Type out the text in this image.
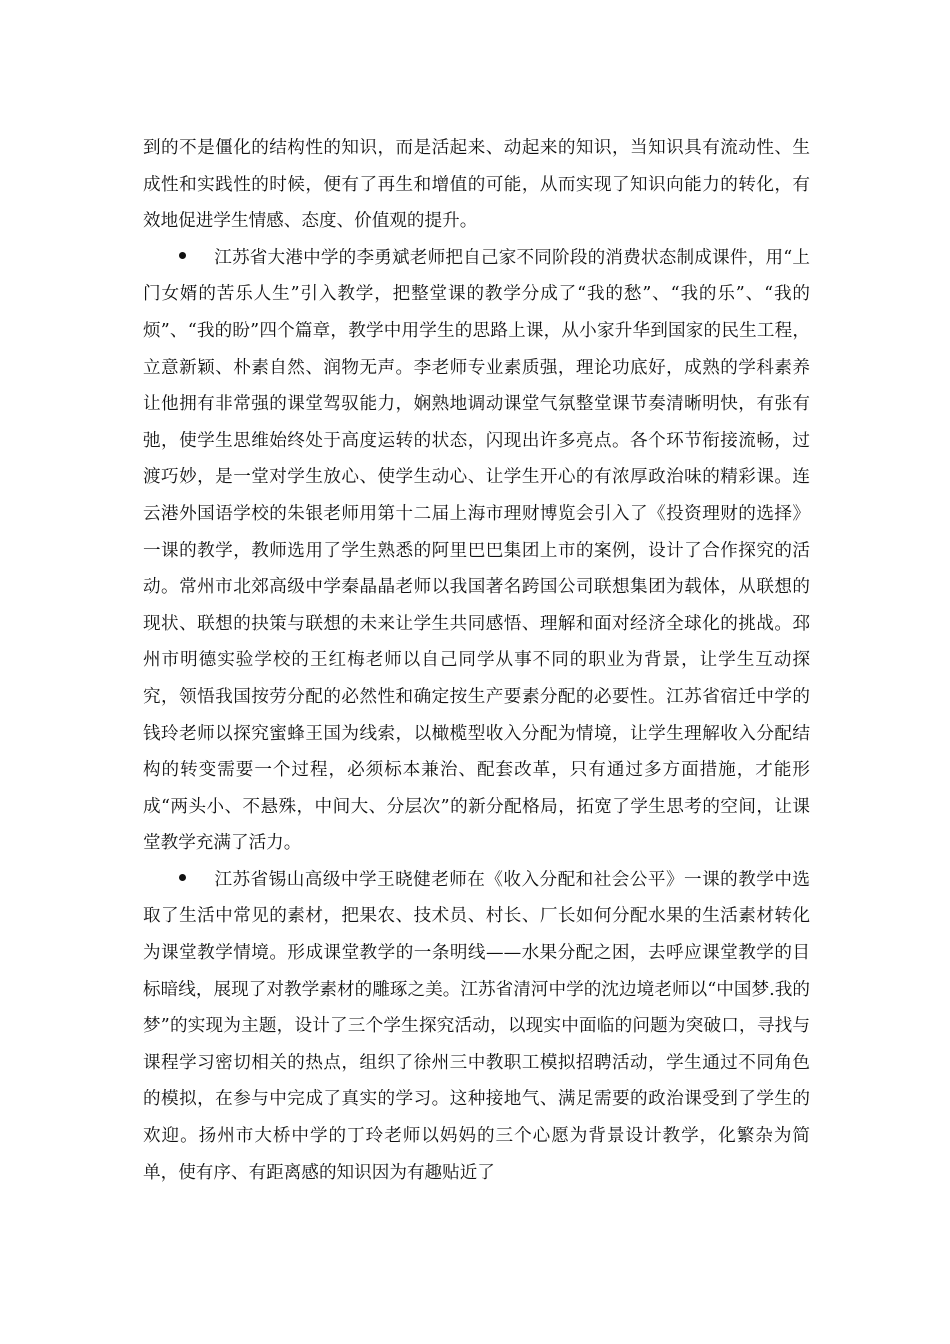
到的不是僵化的结构性的知识，而是活起来、动起来的知识，当知识具有流动性、生成性和实践性的时候，便有了再生和增值的可能，从而实现了知识向能力的转化，有效地促进学生情感、态度、价值观的提升。

江苏省大港中学的李勇斌老师把自己家不同阶段的消费状态制成课件，用“上门女婿的苦乐人生”引入教学，把整堂课的教学分成了“我的愁”、“我的乐”、“我的烦”、“我的盼”四个篇章，教学中用学生的思路上课，从小家升华到国家的民生工程，立意新颖、朴素自然、润物无声。李老师专业素质强，理论功底好，成熟的学科素养让他拥有非常强的课堂驾驭能力，娴熟地调动课堂气氛整堂课节奏清晰明快，有张有弛，使学生思维始终处于高度运转的状态，闪现出许多亮点。各个环节衔接流畅，过渡巧妙，是一堂对学生放心、使学生动心、让学生开心的有浓厚政治味的精彩课。连云港外国语学校的朱银老师用第十二届上海市理财博览会引入了《投资理财的选择》一课的教学，教师选用了学生熟悉的阿里巴巴集团上市的案例，设计了合作探究的活动。常州市北郊高级中学秦晶晶老师以我国著名跨国公司联想集团为载体，从联想的现状、联想的抉策与联想的未来让学生共同感悟、理解和面对经济全球化的挑战。邳州市明德实验学校的王红梅老师以自己同学从事不同的职业为背景，让学生互动探究，领悟我国按劳分配的必然性和确定按生产要素分配的必要性。江苏省宿迁中学的钱玲老师以探究蜜蜂王国为线索，以橄榄型收入分配为情境，让学生理解收入分配结构的转变需要一个过程，必须标本兼治、配套改革，只有通过多方面措施，才能形成“两头小、不悬殊，中间大、分层次”的新分配格局，拓宽了学生思考的空间，让课堂教学充满了活力。

江苏省锡山高级中学王晓健老师在《收入分配和社会公平》一课的教学中选取了生活中常见的素材，把果农、技术员、村长、厂长如何分配水果的生活素材转化为课堂教学情境。形成课堂教学的一条明线——水果分配之困，去呼应课堂教学的目标暗线，展现了对教学素材的雕琢之美。江苏省清河中学的沈边境老师以“中国梦.我的梦”的实现为主题，设计了三个学生探究活动，以现实中面临的问题为突破口，寻找与课程学习密切相关的热点，组织了徐州三中教职工模拟招聘活动，学生通过不同角色的模拟，在参与中完成了真实的学习。这种接地气、满足需要的政治课受到了学生的欢迎。扬州市大桥中学的丁玲老师以妈妈的三个心愿为背景设计教学，化繁杂为简单，使有序、有距离感的知识因为有趣贴近了
